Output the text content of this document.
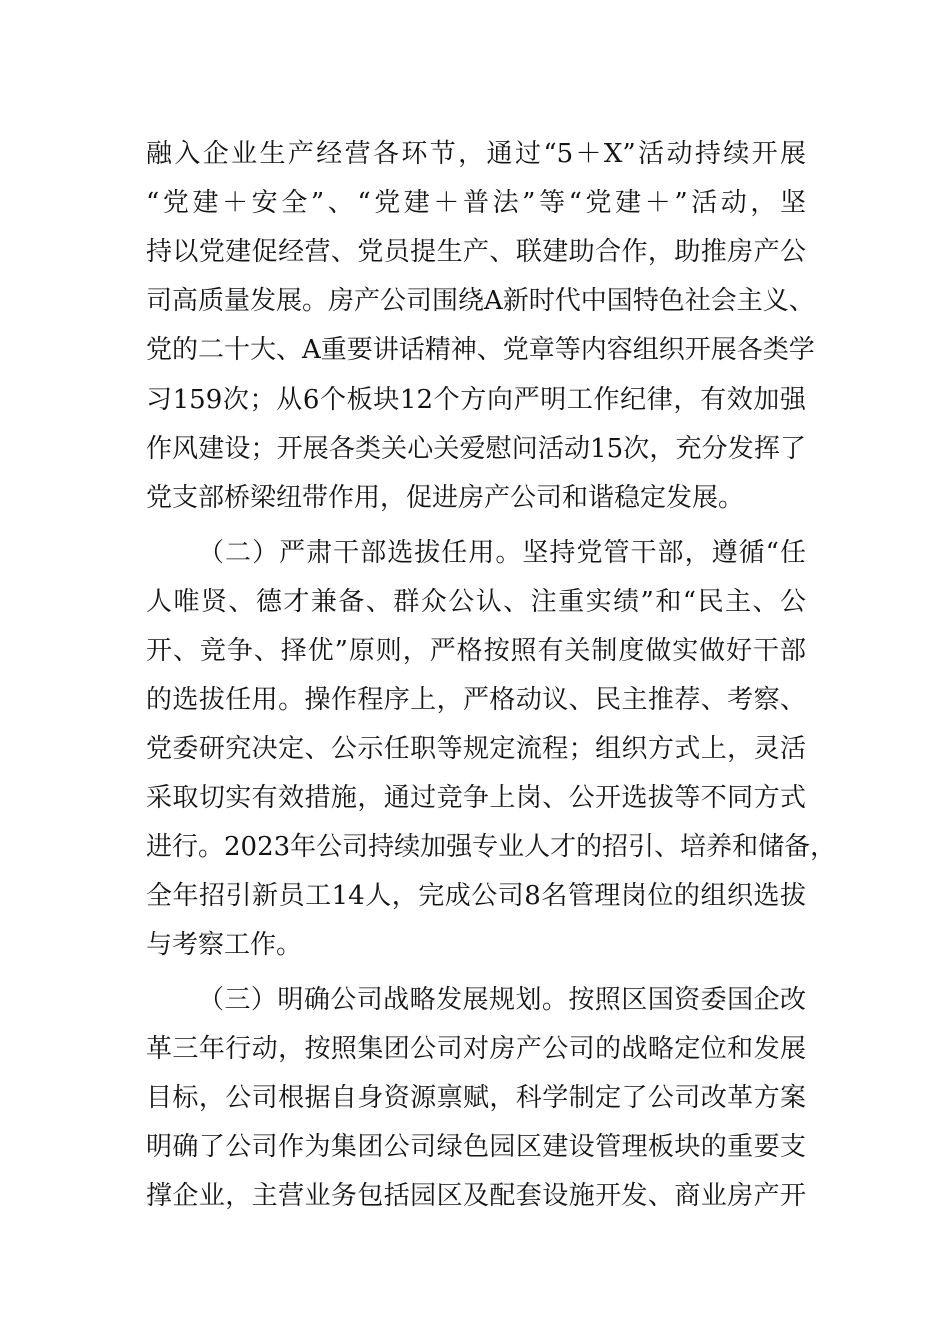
融入企业生产经营各环节，通过“5＋X”活动持续开展
“党建＋安全”、“党建＋普法”等“党建＋”活动，坚
持以党建促经营、党员提生产、联建助合作，助推房产公
司高质量发展。房产公司围绕A新时代中国特色社会主义、
党的二十大、A重要讲话精神、党章等内容组织开展各类学
习159次；从6个板块12个方向严明工作纪律，有效加强
作风建设；开展各类关心关爱慰问活动15次，充分发挥了
党支部桥梁纽带作用，促进房产公司和谐稳定发展。
（二）严肃干部选拔任用。坚持党管干部，遵循“任
人唯贤、德才兼备、群众公认、注重实绩”和“民主、公
开、竞争、择优”原则，严格按照有关制度做实做好干部
的选拔任用。操作程序上，严格动议、民主推荐、考察、
党委研究决定、公示任职等规定流程；组织方式上，灵活
采取切实有效措施，通过竞争上岗、公开选拔等不同方式
进行。2023年公司持续加强专业人才的招引、培养和储备，
全年招引新员工14人，完成公司8名管理岗位的组织选拔
与考察工作。
（三）明确公司战略发展规划。按照区国资委国企改
革三年行动，按照集团公司对房产公司的战略定位和发展
目标，公司根据自身资源禀赋，科学制定了公司改革方案
明确了公司作为集团公司绿色园区建设管理板块的重要支
撑企业，主营业务包括园区及配套设施开发、商业房产开
